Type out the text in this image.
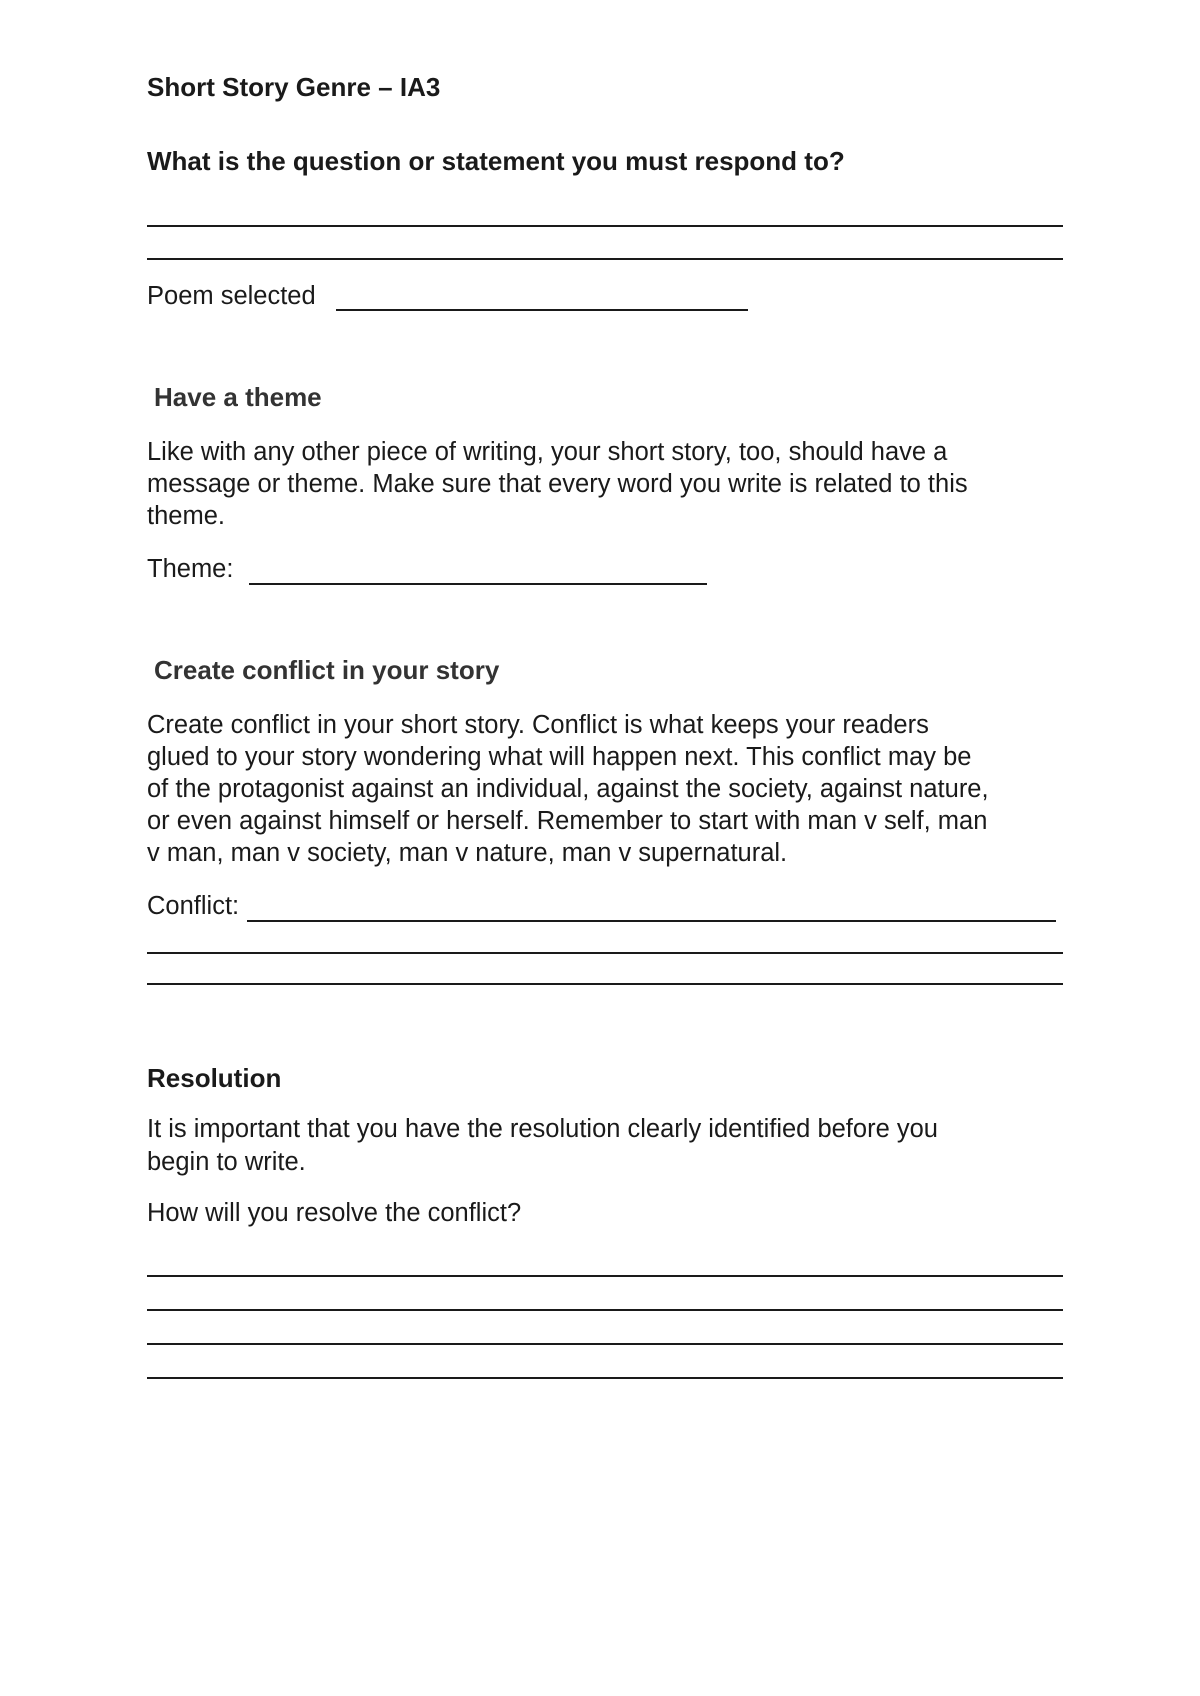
Short Story Genre – IA3
What is the question or statement you must respond to?
Poem selected
Have a theme
Like with any other piece of writing, your short story, too, should have a
message or theme. Make sure that every word you write is related to this
theme.
Theme:
Create conflict in your story
Create conflict in your short story. Conflict is what keeps your readers
glued to your story wondering what will happen next. This conflict may be
of the protagonist against an individual, against the society, against nature,
or even against himself or herself. Remember to start with man v self, man
v man, man v society, man v nature, man v supernatural.
Conflict:
Resolution
It is important that you have the resolution clearly identified before you
begin to write.
How will you resolve the conflict?
